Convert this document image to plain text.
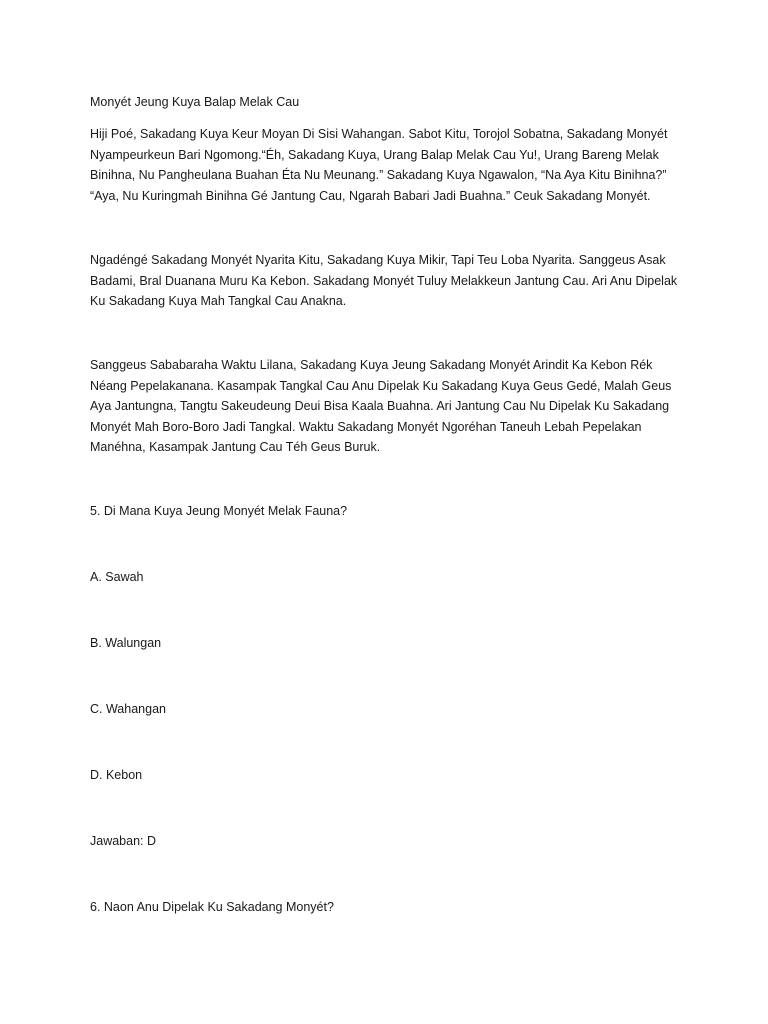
Monyét Jeung Kuya Balap Melak Cau

Hiji Poé, Sakadang Kuya Keur Moyan Di Sisi Wahangan. Sabot Kitu, Torojol Sobatna, Sakadang Monyét Nyampeurkeun Bari Ngomong.“Éh, Sakadang Kuya, Urang Balap Melak Cau Yu!, Urang Bareng Melak Binihna, Nu Pangheulana Buahan Éta Nu Meunang.” Sakadang Kuya Ngawalon, “Na Aya Kitu Binihna?” “Aya, Nu Kuringmah Binihna Gé Jantung Cau, Ngarah Babari Jadi Buahna.” Ceuk Sakadang Monyét.

Ngadéngé Sakadang Monyét Nyarita Kitu, Sakadang Kuya Mikir, Tapi Teu Loba Nyarita. Sanggeus Asak Badami, Bral Duanana Muru Ka Kebon. Sakadang Monyét Tuluy Melakkeun Jantung Cau. Ari Anu Dipelak Ku Sakadang Kuya Mah Tangkal Cau Anakna.

Sanggeus Sababaraha Waktu Lilana, Sakadang Kuya Jeung Sakadang Monyét Arindit Ka Kebon Rék Néang Pepelakanana. Kasampak Tangkal Cau Anu Dipelak Ku Sakadang Kuya Geus Gedé, Malah Geus Aya Jantungna, Tangtu Sakeudeung Deui Bisa Kaala Buahna. Ari Jantung Cau Nu Dipelak Ku Sakadang Monyét Mah Boro-Boro Jadi Tangkal. Waktu Sakadang Monyét Ngoréhan Taneuh Lebah Pepelakan Manéhna, Kasampak Jantung Cau Téh Geus Buruk.

5. Di Mana Kuya Jeung Monyét Melak Fauna?

A. Sawah

B. Walungan

C. Wahangan

D. Kebon

Jawaban: D

6. Naon Anu Dipelak Ku Sakadang Monyét?
